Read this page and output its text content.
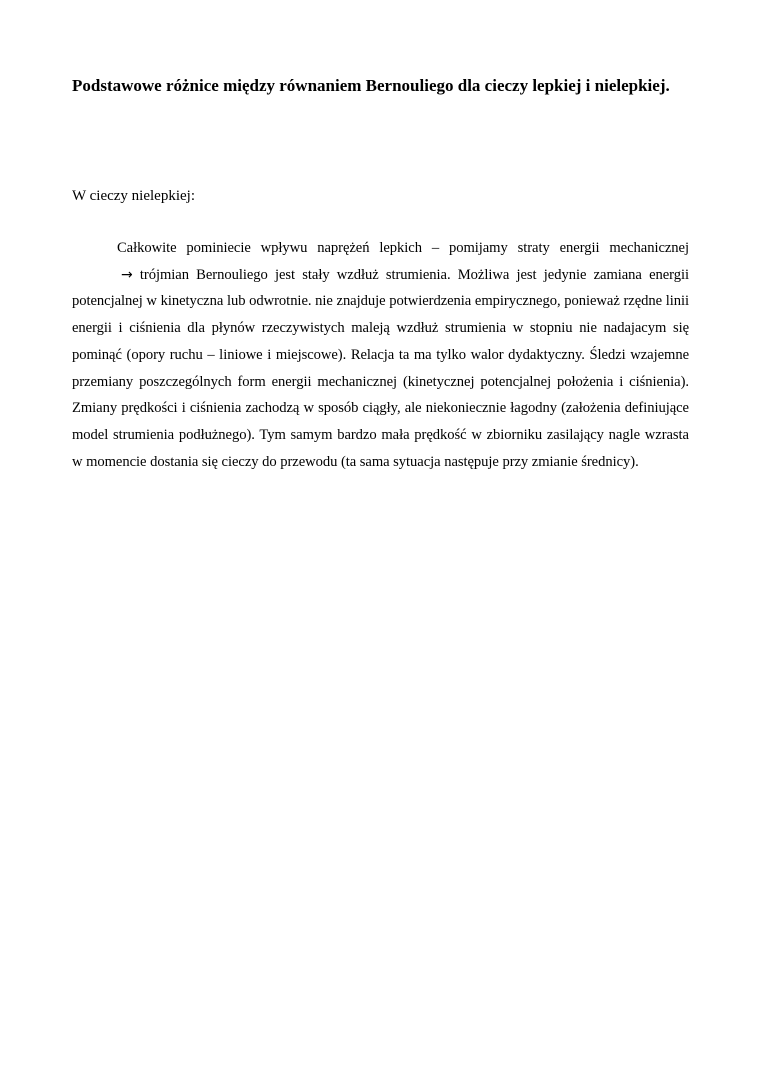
Podstawowe różnice między równaniem Bernouliego dla cieczy lepkiej i nielepkiej.

W cieczy nielepkiej:

Całkowite pominiecie wpływu naprężeń lepkich – pomijamy straty energii mechanicznej→ trójmian Bernouliego jest stały wzdłuż strumienia. Możliwa jest jedynie zamiana energii potencjalnej w kinetyczna lub odwrotnie. nie znajduje potwierdzenia empirycznego, ponieważ rzędne linii energii i ciśnienia dla płynów rzeczywistych maleją wzdłuż strumienia w stopniu nie nadajacym się pominąć (opory ruchu – liniowe i miejscowe). Relacja ta ma tylko walor dydaktyczny. Śledzi wzajemne przemiany poszczególnych form energii mechanicznej (kinetycznej potencjalnej położenia i ciśnienia). Zmiany prędkości i ciśnienia zachodzą w sposób ciągły, ale niekoniecznie łagodny (założenia definiujące model strumienia podłużnego). Tym samym bardzo mała prędkość w zbiorniku zasilający nagle wzrasta w momencie dostania się cieczy do przewodu (ta sama sytuacja następuje przy zmianie średnicy).
